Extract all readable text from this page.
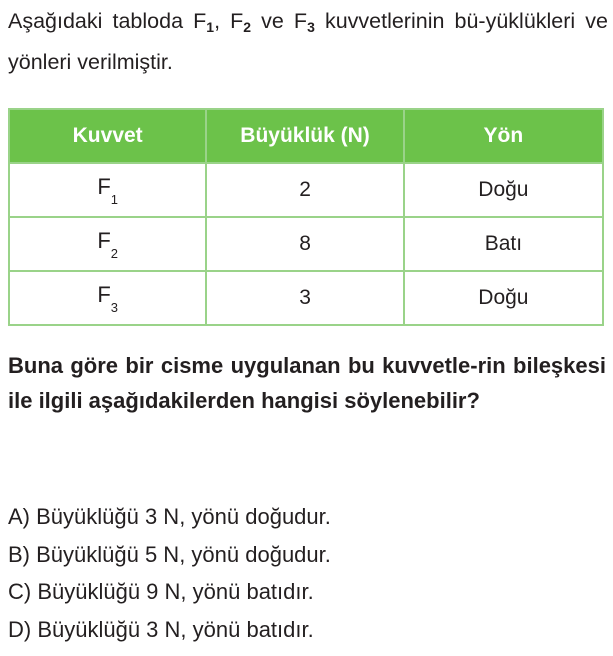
Aşağıdaki tabloda $F_1$, $F_2$ ve $F_3$ kuvvetlerinin bü-yüklükleri ve yönleri verilmiştir.

Kuvvet	Büyüklük (N)	Yön
$F_1$	2	Doğu
$F_2$	8	Batı
$F_3$	3	Doğu

Buna göre bir cisme uygulanan bu kuvvetle-rin bileşkesi ile ilgili aşağıdakilerden hangisi söylenebilir?

A) Büyüklüğü 3 N, yönü doğudur.
B) Büyüklüğü 5 N, yönü doğudur.
C) Büyüklüğü 9 N, yönü batıdır.
D) Büyüklüğü 3 N, yönü batıdır.
